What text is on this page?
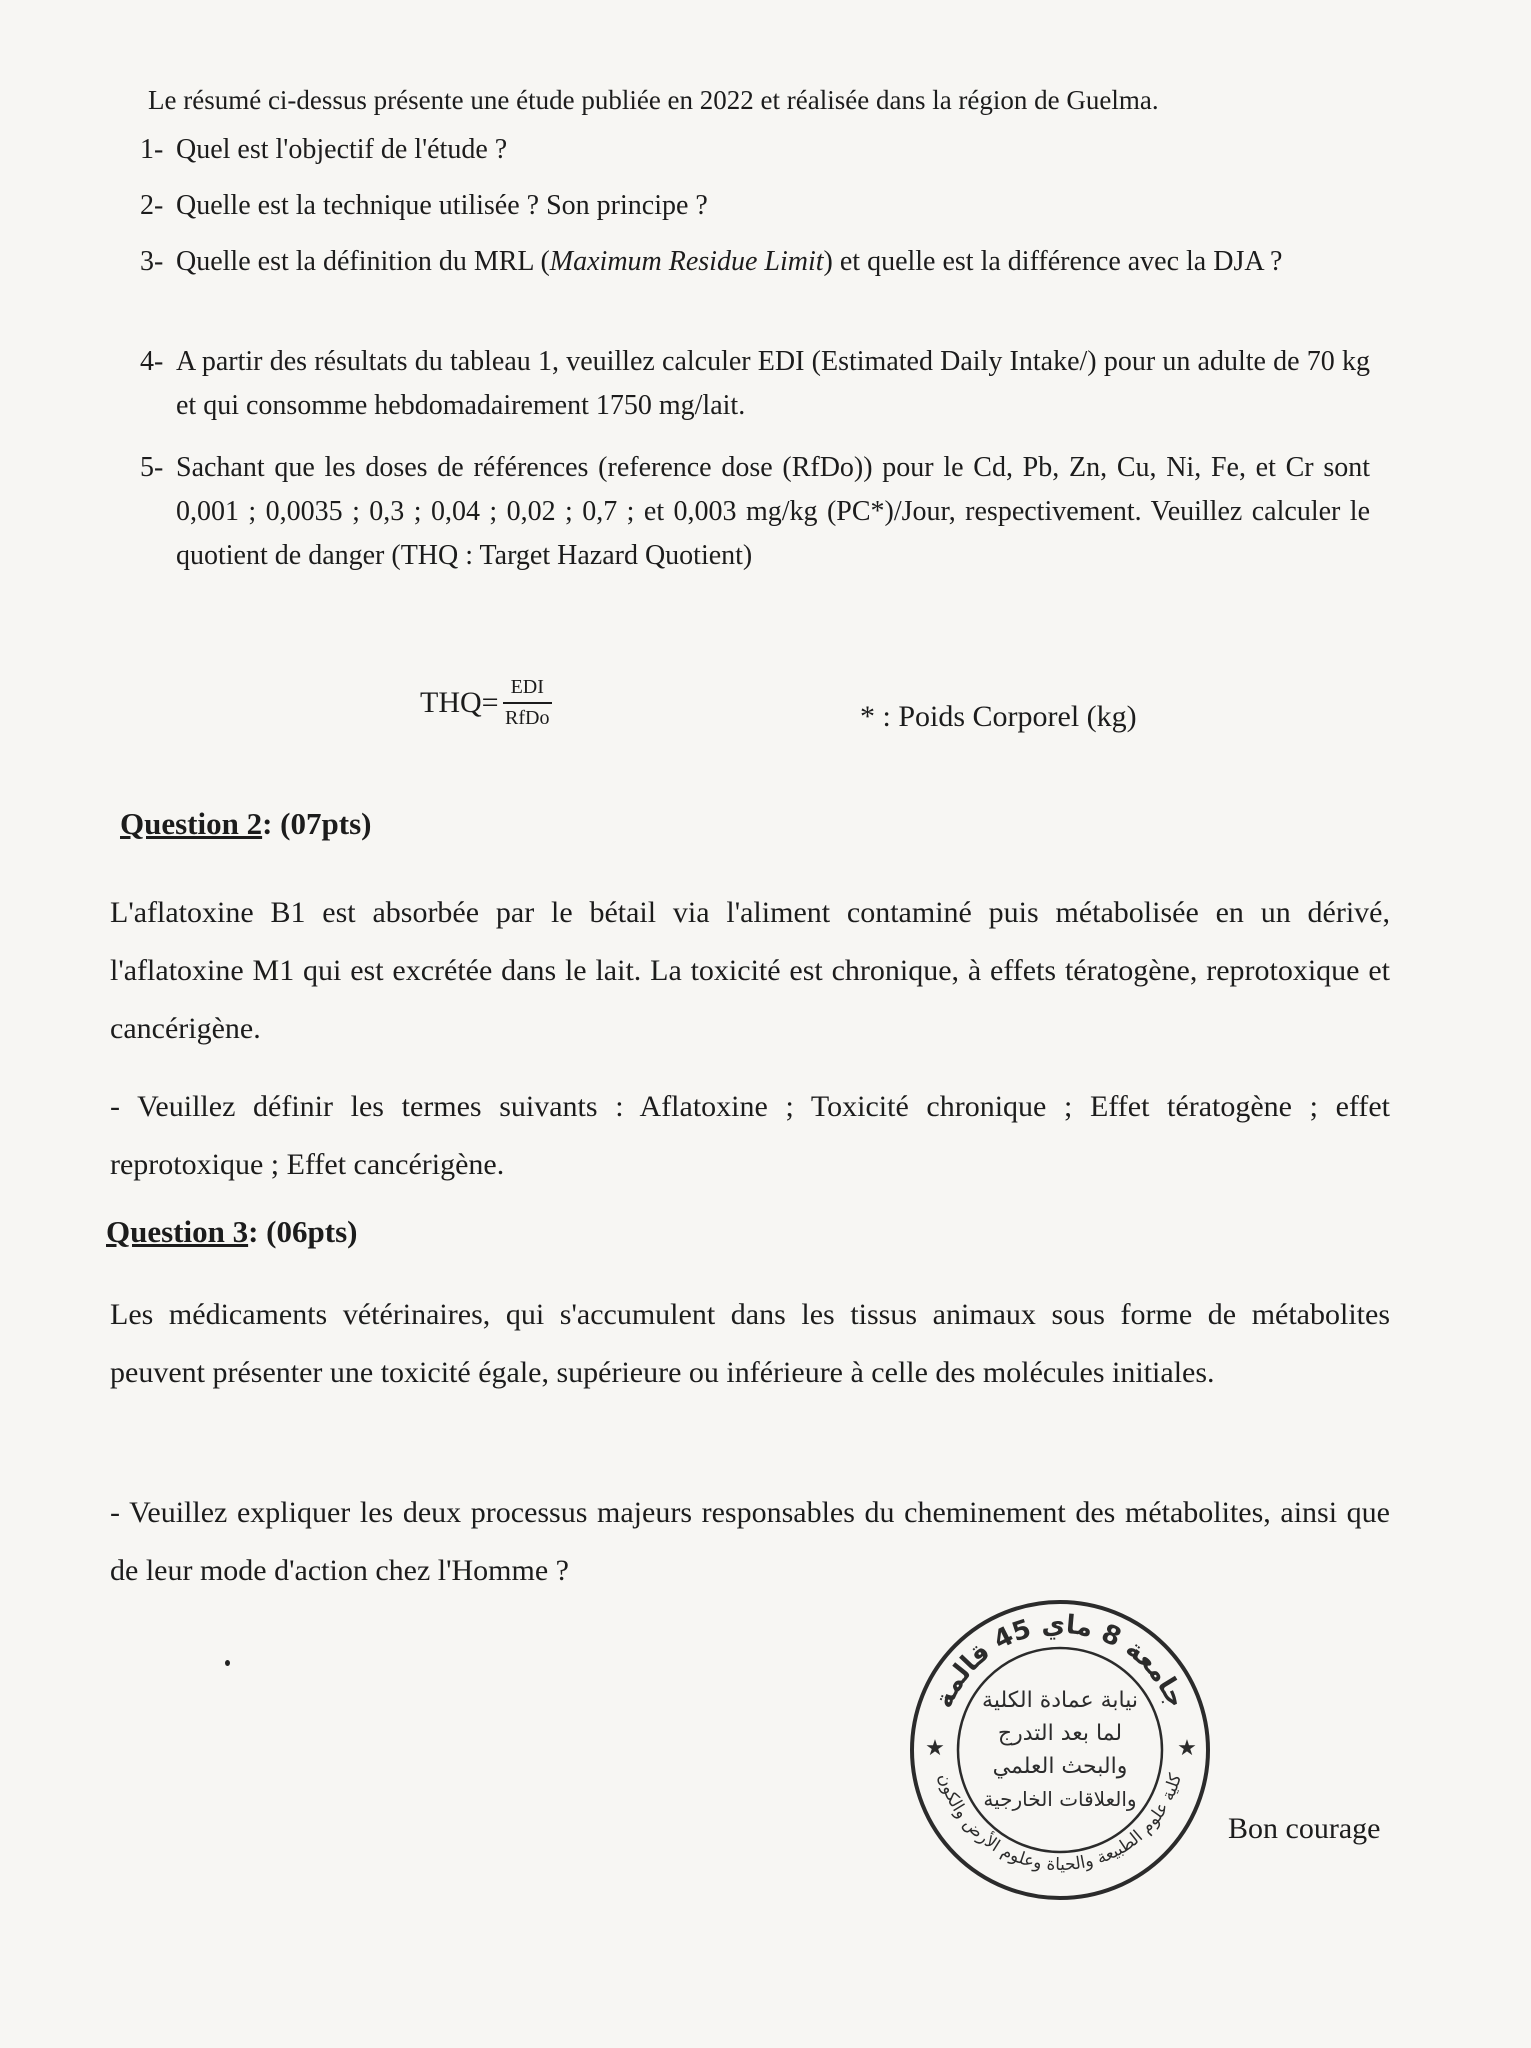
Le résumé ci-dessus présente une étude publiée en 2022 et réalisée dans la région de Guelma.

1- Quel est l'objectif de l'étude ?
2- Quelle est la technique utilisée ? Son principe ?
3- Quelle est la définition du MRL (Maximum Residue Limit) et quelle est la différence avec la DJA ?
4- A partir des résultats du tableau 1, veuillez calculer EDI (Estimated Daily Intake/) pour un adulte de 70 kg et qui consomme hebdomadairement 1750 mg/lait.
5- Sachant que les doses de références (reference dose (RfDo)) pour le Cd, Pb, Zn, Cu, Ni, Fe, et Cr sont 0,001 ; 0,0035 ; 0,3 ; 0,04 ; 0,02 ; 0,7 ; et 0,003 mg/kg (PC*)/Jour, respectivement. Veuillez calculer le quotient de danger (THQ : Target Hazard Quotient)
$THQ= \frac{\text{EDI}}{\text{RfDo}}$	* : Poids Corporel (kg)
Question 2: (07pts)

L'aflatoxine B1 est absorbée par le bétail via l'aliment contaminé puis métabolisée en un dérivé, l'aflatoxine M1 qui est excrétée dans le lait. La toxicité est chronique, à effets tératogène, reprotoxique et cancérigène.

- Veuillez définir les termes suivants : Aflatoxine ; Toxicité chronique ; Effet tératogène ; effet reprotoxique ; Effet cancérigène.

Question 3: (06pts)

Les médicaments vétérinaires, qui s'accumulent dans les tissus animaux sous forme de métabolites peuvent présenter une toxicité égale, supérieure ou inférieure à celle des molécules initiales.

- Veuillez expliquer les deux processus majeurs responsables du cheminement des métabolites, ainsi que de leur mode d'action chez l'Homme ?

جامعة 8 ماي 45 قالمة
كلية علوم الطبيعة والحياة وعلوم الأرض والكون
★	★
نيابة عمادة الكلية
لما بعد التدرج
والبحث العلمي
والعلاقات الخارجية
Bon courage
